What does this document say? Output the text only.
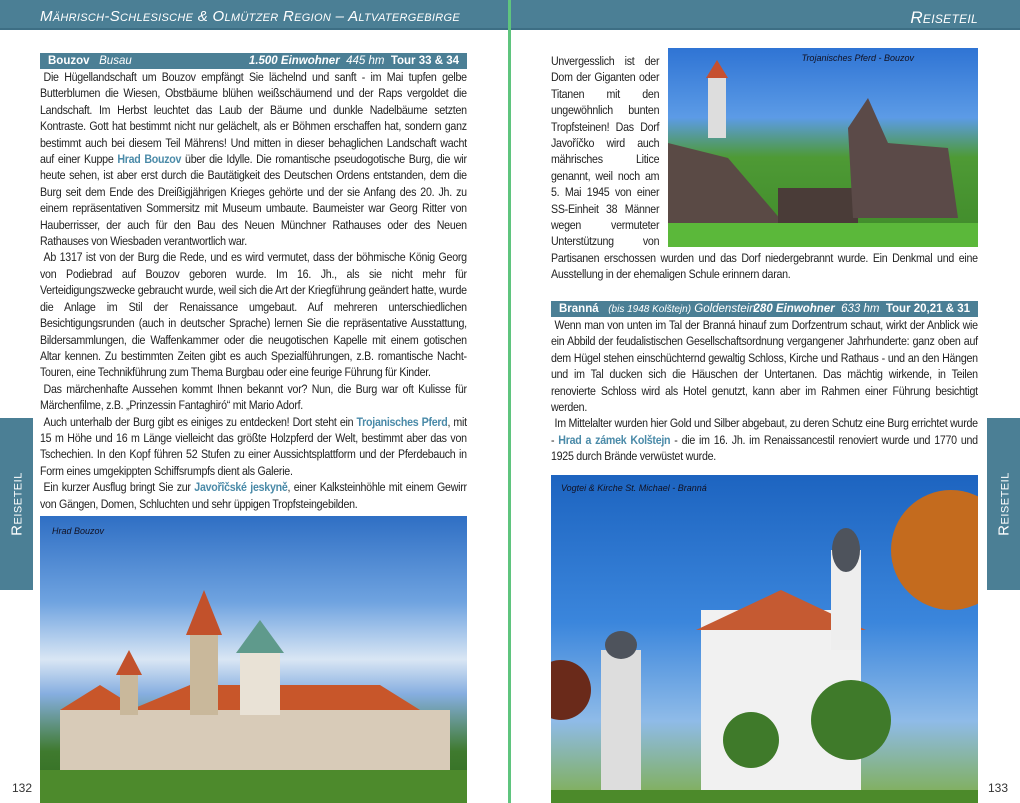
Mährisch-Schlesische & Olmützer Region – Altvatergebirge	Reiseteil
Bouzov Busau	1.500 Einwohner 445 hm Tour 33 & 34

Die Hügellandschaft um Bouzov empfängt Sie lächelnd und sanft - im Mai tupfen gelbe Butterblumen die Wiesen, Obstbäume blühen weißschäumend und der Raps vergoldet die Landschaft. Im Herbst leuchtet das Laub der Bäume und dunkle Nadelbäume setzten Kontraste. Gott hat bestimmt nicht nur gelächelt, als er Böhmen erschaffen hat, sondern ganz bestimmt auch bei diesem Teil Mährens! Und mitten in dieser behaglichen Landschaft wacht auf einer Kuppe Hrad Bouzov über die Idylle. Die romantische pseudogotische Burg, die wir heute sehen, ist aber erst durch die Bautätigkeit des Deutschen Ordens entstanden, dem die Burg seit dem Ende des Dreißigjährigen Krieges gehörte und der sie Anfang des 20. Jh. zu einem repräsentativen Sommersitz mit Museum umbaute. Baumeister war Georg Ritter von Hauberrisser, der auch für den Bau des Neuen Münchner Rathauses oder des Neuen Rathauses von Wiesbaden verantwortlich war.

Ab 1317 ist von der Burg die Rede, und es wird vermutet, dass der böhmische König Georg von Podiebrad auf Bouzov geboren wurde. Im 16. Jh., als sie nicht mehr für Verteidigungszwecke gebraucht wurde, weil sich die Art der Kriegführung geändert hatte, wurde die Anlage im Stil der Renaissance umgebaut. Auf mehreren unterschiedlichen Besichtigungsrunden (auch in deutscher Sprache) lernen Sie die repräsentative Ausstattung, Bildersammlungen, die Waffenkammer oder die neugotischen Kapelle mit einem gotischen Altar kennen. Zu bestimmten Zeiten gibt es auch Spezialführungen, z.B. romantische Nacht-Touren, eine Technikführung zum Thema Burgbau oder eine feurige Führung für Kinder.

Das märchenhafte Aussehen kommt Ihnen bekannt vor? Nun, die Burg war oft Kulisse für Märchenfilme, z.B. „Prinzessin Fantaghiró“ mit Mario Adorf.

Auch unterhalb der Burg gibt es einiges zu entdecken! Dort steht ein Trojanisches Pferd, mit 15 m Höhe und 16 m Länge vielleicht das größte Holzpferd der Welt, bestimmt aber das von Tschechien. In den Kopf führen 52 Stufen zu einer Aussichtsplattform und der Pferdebauch in Form eines umgekippten Schiffsrumpfs dient als Galerie.

Ein kurzer Ausflug bringt Sie zur Javořîčské jeskyně, einer Kalksteinhöhle mit einem Gewirr von Gängen, Domen, Schluchten und sehr üppigen Tropfsteingebilden.

Hrad Bouzov
Reiseteil
132
Trojanisches Pferd - Bouzov

Unvergesslich ist der Dom der Giganten oder Titanen mit den ungewöhnlich bunten Tropfsteinen! Das Dorf Javoříčko wird auch mährisches Litice genannt, weil noch am 5. Mai 1945 von einer SS-Einheit 38 Männer wegen vermuteter Unterstützung von Partisanen erschossen wurden und das Dorf niedergebrannt wurde. Ein Denkmal und eine Ausstellung in der ehemaligen Schule erinnern daran.

Branná (bis 1948 Kolštejn) Goldenstein
280 Einwohner 633 hm Tour 20,21 & 31

Wenn man von unten im Tal der Branná hinauf zum Dorfzentrum schaut, wirkt der Anblick wie ein Abbild der feudalistischen Gesellschaftsordnung vergangener Jahrhunderte: ganz oben auf dem Hügel stehen einschüchternd gewaltig Schloss, Kirche und Rathaus - und an den Hängen und im Tal ducken sich die Häuschen der Untertanen. Das mächtig wirkende, in Teilen renovierte Schloss wird als Hotel genutzt, kann aber im Rahmen einer Führung besichtigt werden.

Im Mittelalter wurden hier Gold und Silber abgebaut, zu deren Schutz eine Burg errichtet wurde - Hrad a zámek Kolštejn - die im 16. Jh. im Renaissancestil renoviert wurde und 1770 und 1925 durch Brände verwüstet wurde.

Vogtei & Kirche St. Michael - Branná	Reiseteil
133
